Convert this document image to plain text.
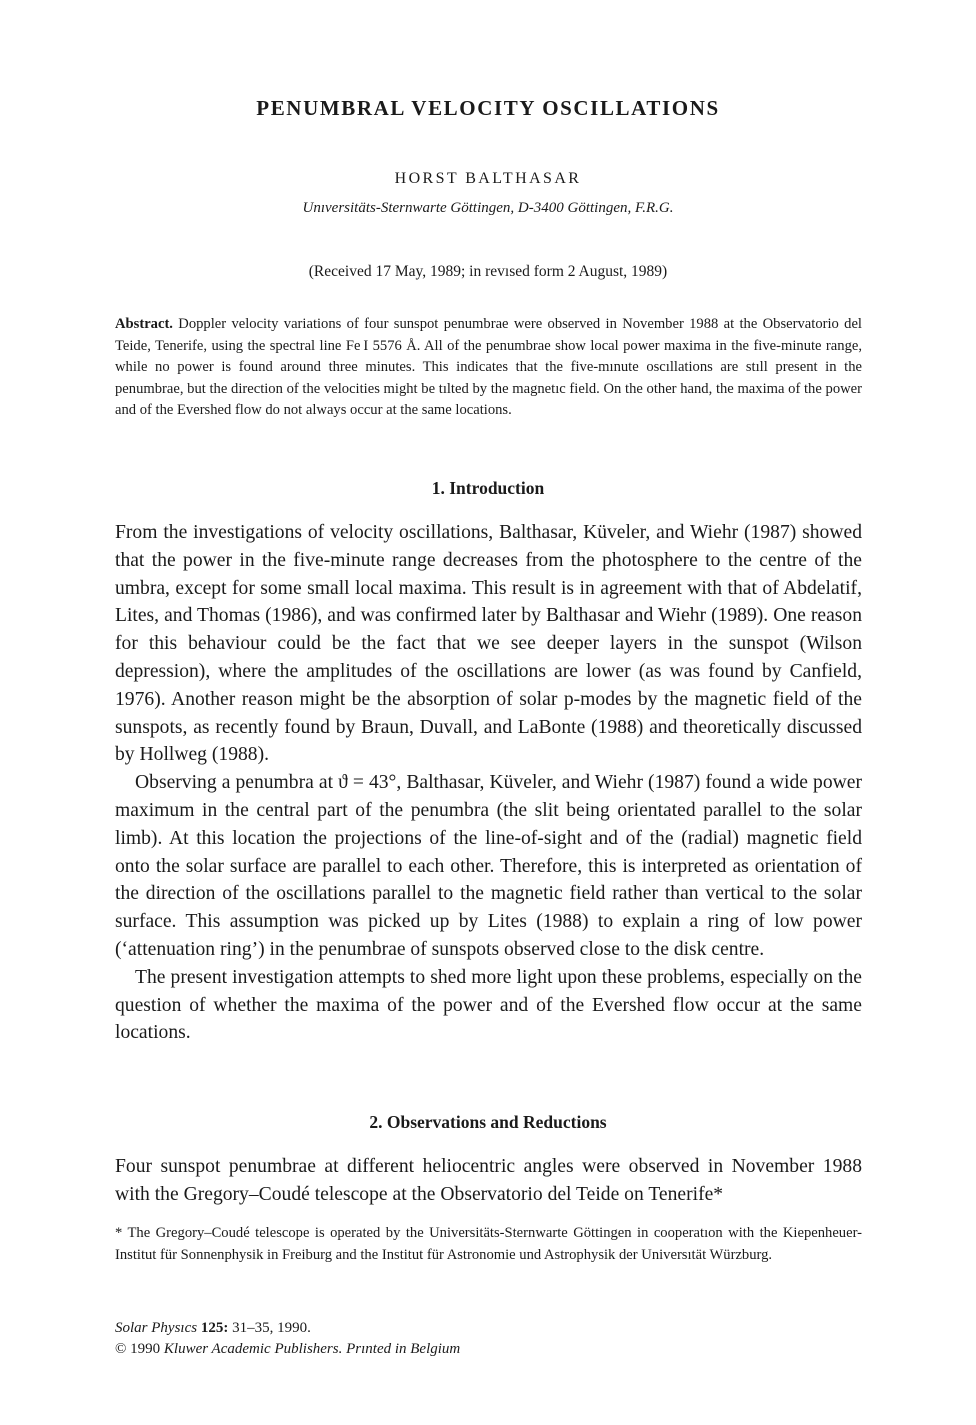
PENUMBRAL VELOCITY OSCILLATIONS
HORST BALTHASAR
Unıversitäts-Sternwarte Göttingen, D-3400 Göttingen, F.R.G.
(Received 17 May, 1989; in revısed form 2 August, 1989)

Abstract. Doppler velocity variations of four sunspot penumbrae were observed in November 1988 at the Observatorio del Teide, Tenerife, using the spectral line Fe I 5576 Å. All of the penumbrae show local power maxima in the five-minute range, while no power is found around three minutes. This indicates that the five-mınute oscıllations are stıll present in the penumbrae, but the direction of the velocities might be tılted by the magnetıc field. On the other hand, the maxima of the power and of the Evershed flow do not always occur at the same locations.

1. Introduction

From the investigations of velocity oscillations, Balthasar, Küveler, and Wiehr (1987) showed that the power in the five-minute range decreases from the photosphere to the centre of the umbra, except for some small local maxima. This result is in agreement with that of Abdelatif, Lites, and Thomas (1986), and was confirmed later by Balthasar and Wiehr (1989). One reason for this behaviour could be the fact that we see deeper layers in the sunspot (Wilson depression), where the amplitudes of the oscillations are lower (as was found by Canfield, 1976). Another reason might be the absorption of solar p-modes by the magnetic field of the sunspots, as recently found by Braun, Duvall, and LaBonte (1988) and theoretically discussed by Hollweg (1988).

Observing a penumbra at ϑ = 43°, Balthasar, Küveler, and Wiehr (1987) found a wide power maximum in the central part of the penumbra (the slit being orientated parallel to the solar limb). At this location the projections of the line-of-sight and of the (radial) magnetic field onto the solar surface are parallel to each other. Therefore, this is interpreted as orientation of the direction of the oscillations parallel to the magnetic field rather than vertical to the solar surface. This assumption was picked up by Lites (1988) to explain a ring of low power (‘attenuation ring’) in the penumbrae of sunspots observed close to the disk centre.

The present investigation attempts to shed more light upon these problems, especially on the question of whether the maxima of the power and of the Evershed flow occur at the same locations.

2. Observations and Reductions

Four sunspot penumbrae at different heliocentric angles were observed in November 1988 with the Gregory–Coudé telescope at the Observatorio del Teide on Tenerife*

* The Gregory–Coudé telescope is operated by the Universitäts-Sternwarte Göttingen in cooperatıon with the Kiepenheuer-Institut für Sonnenphysik in Freiburg and the Institut für Astronomie und Astrophysik der Universıtät Würzburg.

Solar Physıcs 125: 31–35, 1990.
© 1990 Kluwer Academic Publishers. Prınted in Belgium
